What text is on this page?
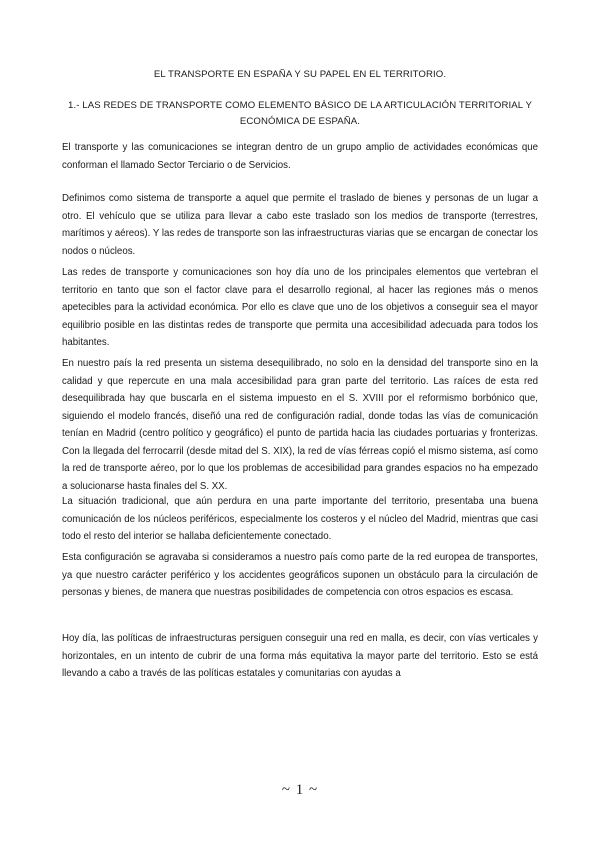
EL TRANSPORTE EN ESPAÑA Y SU PAPEL EN EL TERRITORIO.
1.- LAS REDES DE TRANSPORTE COMO ELEMENTO BÁSICO DE LA ARTICULACIÓN TERRITORIAL Y ECONÓMICA DE ESPAÑA.

El transporte y las comunicaciones se integran dentro de un grupo amplio de actividades económicas que conforman el llamado Sector Terciario o de Servicios.

Definimos como sistema de transporte a aquel que permite el traslado de bienes y personas de un lugar a otro. El vehículo que se utiliza para llevar a cabo este traslado son los medios de transporte (terrestres, marítimos y aéreos). Y las redes de transporte son las infraestructuras viarias que se encargan de conectar los nodos o núcleos.

Las redes de transporte y comunicaciones son hoy día uno de los principales elementos que vertebran el territorio en tanto que son el factor clave para el desarrollo regional, al hacer las regiones más o menos apetecibles para la actividad económica. Por ello es clave que uno de los objetivos a conseguir sea el mayor equilibrio posible en las distintas redes de transporte que permita una accesibilidad adecuada para todos los habitantes.

En nuestro país la red presenta un sistema desequilibrado, no solo en la densidad del transporte sino en la calidad y que repercute en una mala accesibilidad para gran parte del territorio. Las raíces de esta red desequilibrada hay que buscarla en el sistema impuesto en el S. XVIII por el reformismo borbónico que, siguiendo el modelo francés, diseñó una red de configuración radial, donde todas las vías de comunicación tenían en Madrid (centro político y geográfico) el punto de partida hacia las ciudades portuarias y fronterizas. Con la llegada del ferrocarril (desde mitad del S. XIX), la red de vías férreas copió el mismo sistema, así como la red de transporte aéreo, por lo que los problemas de accesibilidad para grandes espacios no ha empezado a solucionarse hasta finales del S. XX.

La situación tradicional, que aún perdura en una parte importante del territorio, presentaba una buena comunicación de los núcleos periféricos, especialmente los costeros y el núcleo del Madrid, mientras que casi todo el resto del interior se hallaba deficientemente conectado.

Esta configuración se agravaba si consideramos a nuestro país como parte de la red europea de transportes, ya que nuestro carácter periférico y los accidentes geográficos suponen un obstáculo para la circulación de personas y bienes, de manera que nuestras posibilidades de competencia con otros espacios es escasa.

Hoy día, las políticas de infraestructuras persiguen conseguir una red en malla, es decir, con vías verticales y horizontales, en un intento de cubrir de una forma más equitativa la mayor parte del territorio. Esto se está llevando a cabo a través de las políticas estatales y comunitarias con ayudas a

~ 1 ~
